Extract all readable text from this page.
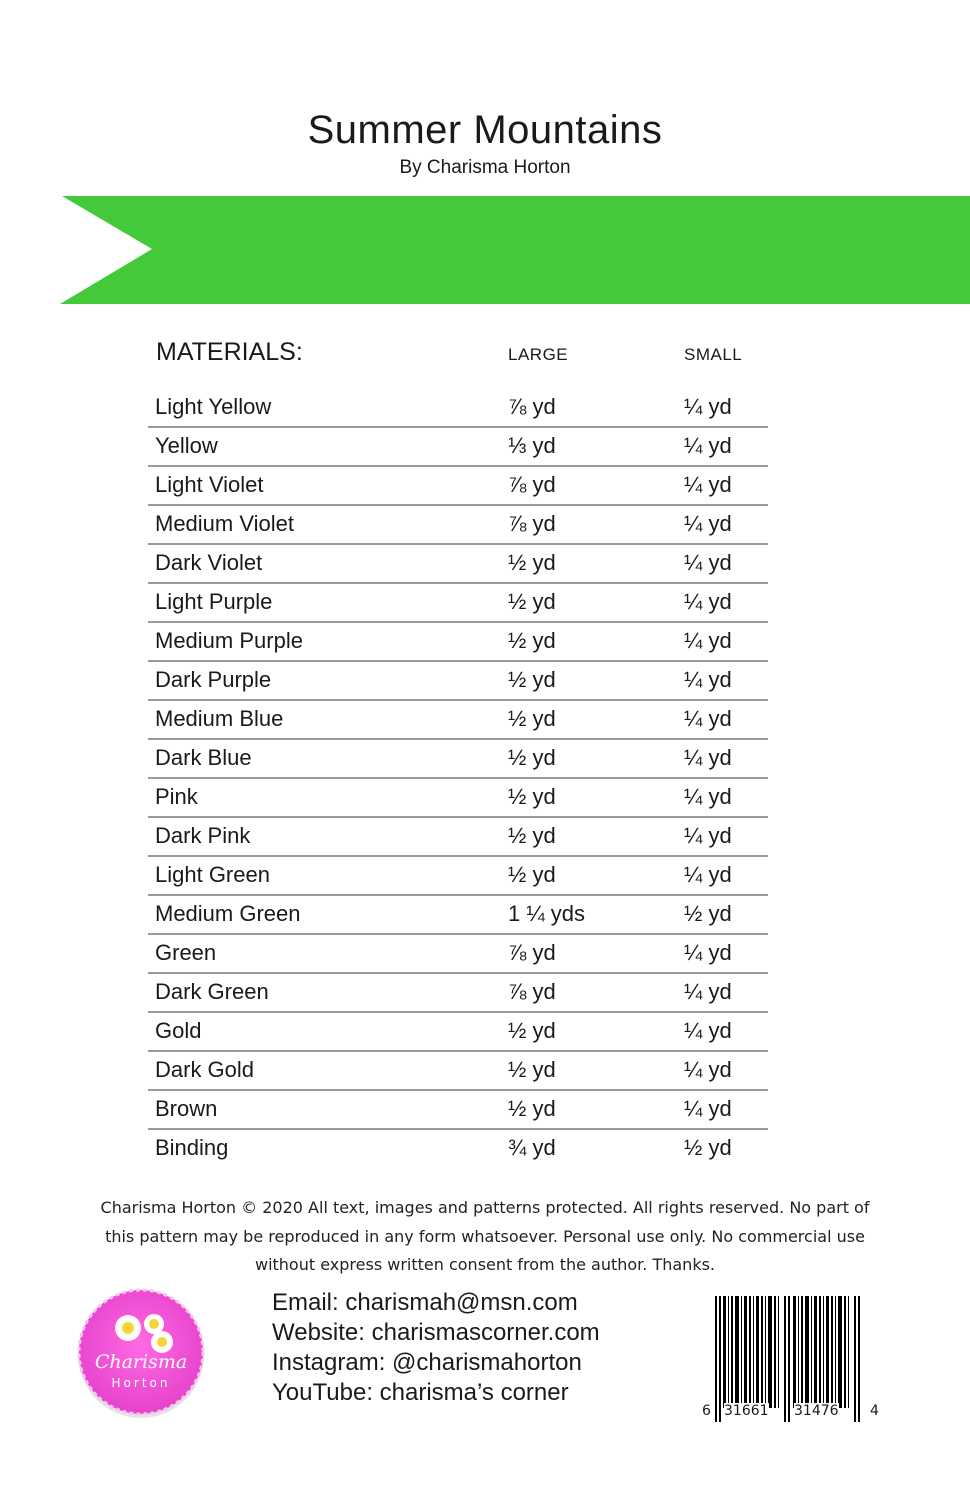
Summer Mountains
By Charisma Horton
MATERIALS:	LARGE	SMALL
Light Yellow	⅞ yd	¼ yd
Yellow	⅓ yd	¼ yd
Light Violet	⅞ yd	¼ yd
Medium Violet	⅞ yd	¼ yd
Dark Violet	½ yd	¼ yd
Light Purple	½ yd	¼ yd
Medium Purple	½ yd	¼ yd
Dark Purple	½ yd	¼ yd
Medium Blue	½ yd	¼ yd
Dark Blue	½ yd	¼ yd
Pink	½ yd	¼ yd
Dark Pink	½ yd	¼ yd
Light Green	½ yd	¼ yd
Medium Green	1 ¼ yds	½ yd
Green	⅞ yd	¼ yd
Dark Green	⅞ yd	¼ yd
Gold	½ yd	¼ yd
Dark Gold	½ yd	¼ yd
Brown	½ yd	¼ yd
Binding	¾ yd	½ yd
Charisma Horton © 2020 All text, images and patterns protected. All rights reserved. No part of
this pattern may be reproduced in any form whatsoever. Personal use only. No commercial use
without express written consent from the author. Thanks.
Charisma
Horton
Email: charismah@msn.com
Website: charismascorner.com
Instagram: @charismahorton
YouTube: charisma’s corner
6 31661 31476 4
